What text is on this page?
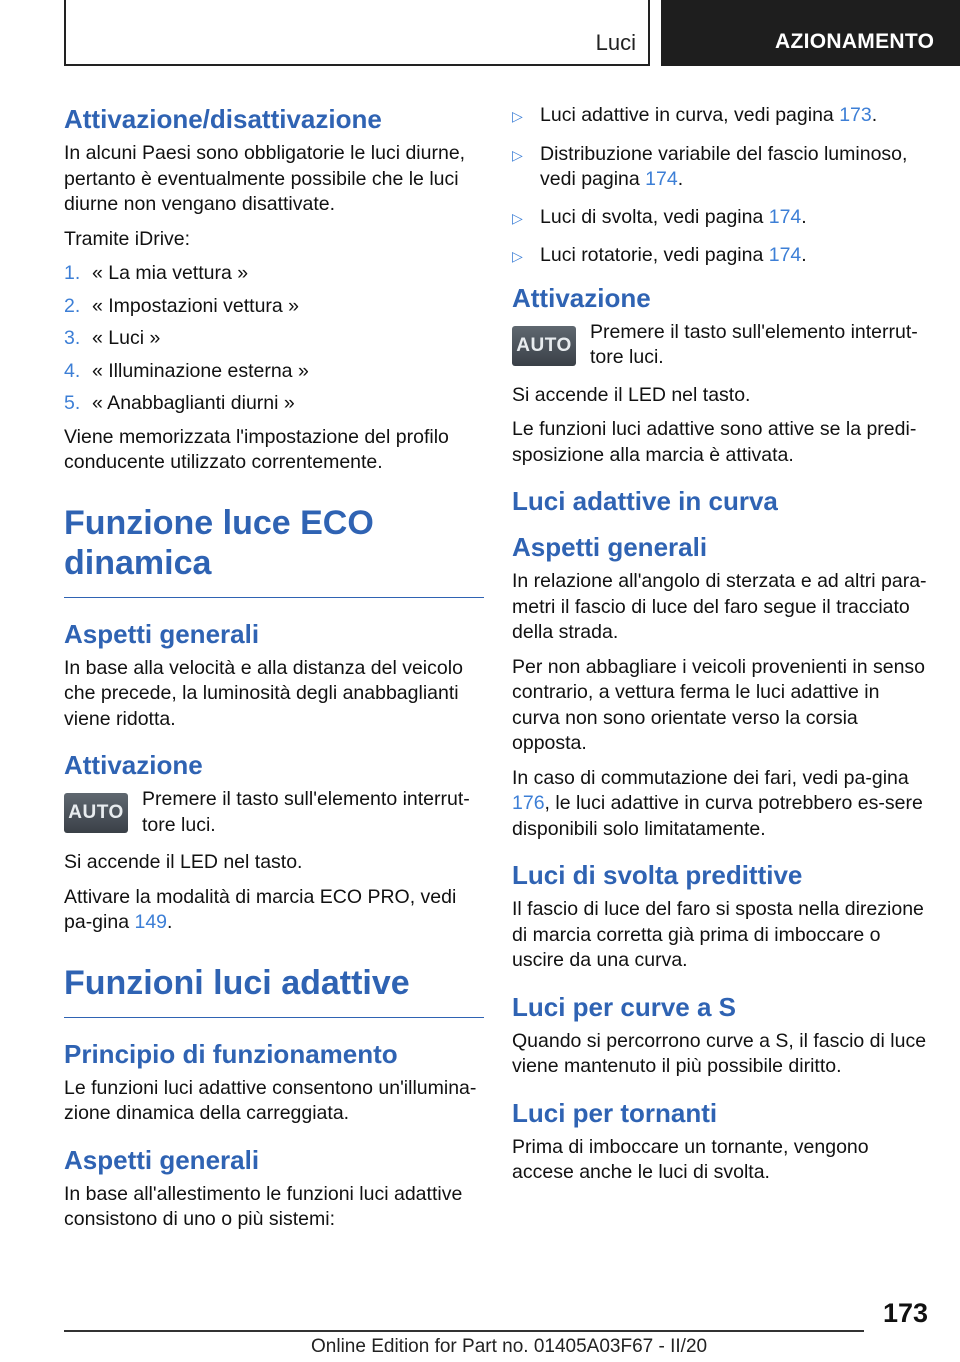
Luci	AZIONAMENTO
Attivazione/disattivazione

In alcuni Paesi sono obbligatorie le luci diurne, pertanto è eventualmente possibile che le luci diurne non vengano disattivate.

Tramite iDrive:

1. « La mia vettura »
2. « Impostazioni vettura »
3. « Luci »
4. « Illuminazione esterna »
5. « Anabbaglianti diurni »

Viene memorizzata l'impostazione del profilo conducente utilizzato correntemente.

Funzione luce ECO dinamica
Aspetti generali

In base alla velocità e alla distanza del veicolo che precede, la luminosità degli anabbaglianti viene ridotta.

Attivazione
AUTO
Premere il tasto sull'elemento interrut-tore luci.

Si accende il LED nel tasto.

Attivare la modalità di marcia ECO PRO, vedi pa-gina 149.

Funzioni luci adattive
Principio di funzionamento

Le funzioni luci adattive consentono un'illumina-zione dinamica della carreggiata.

Aspetti generali

In base all'allestimento le funzioni luci adattive consistono di uno o più sistemi:

▷ Luci adattive in curva, vedi pagina 173.
▷ Distribuzione variabile del fascio luminoso, vedi pagina 174.
▷ Luci di svolta, vedi pagina 174.
▷ Luci rotatorie, vedi pagina 174.
Attivazione
AUTO
Premere il tasto sull'elemento interrut-tore luci.

Si accende il LED nel tasto.

Le funzioni luci adattive sono attive se la predi-sposizione alla marcia è attivata.

Luci adattive in curva
Aspetti generali

In relazione all'angolo di sterzata e ad altri para-metri il fascio di luce del faro segue il tracciato della strada.

Per non abbagliare i veicoli provenienti in senso contrario, a vettura ferma le luci adattive in curva non sono orientate verso la corsia opposta.

In caso di commutazione dei fari, vedi pa-gina 176, le luci adattive in curva potrebbero es-sere disponibili solo limitatamente.

Luci di svolta predittive

Il fascio di luce del faro si sposta nella direzione di marcia corretta già prima di imboccare o uscire da una curva.

Luci per curve a S

Quando si percorrono curve a S, il fascio di luce viene mantenuto il più possibile diritto.

Luci per tornanti

Prima di imboccare un tornante, vengono accese anche le luci di svolta.

173
Online Edition for Part no. 01405A03F67 - II/20
